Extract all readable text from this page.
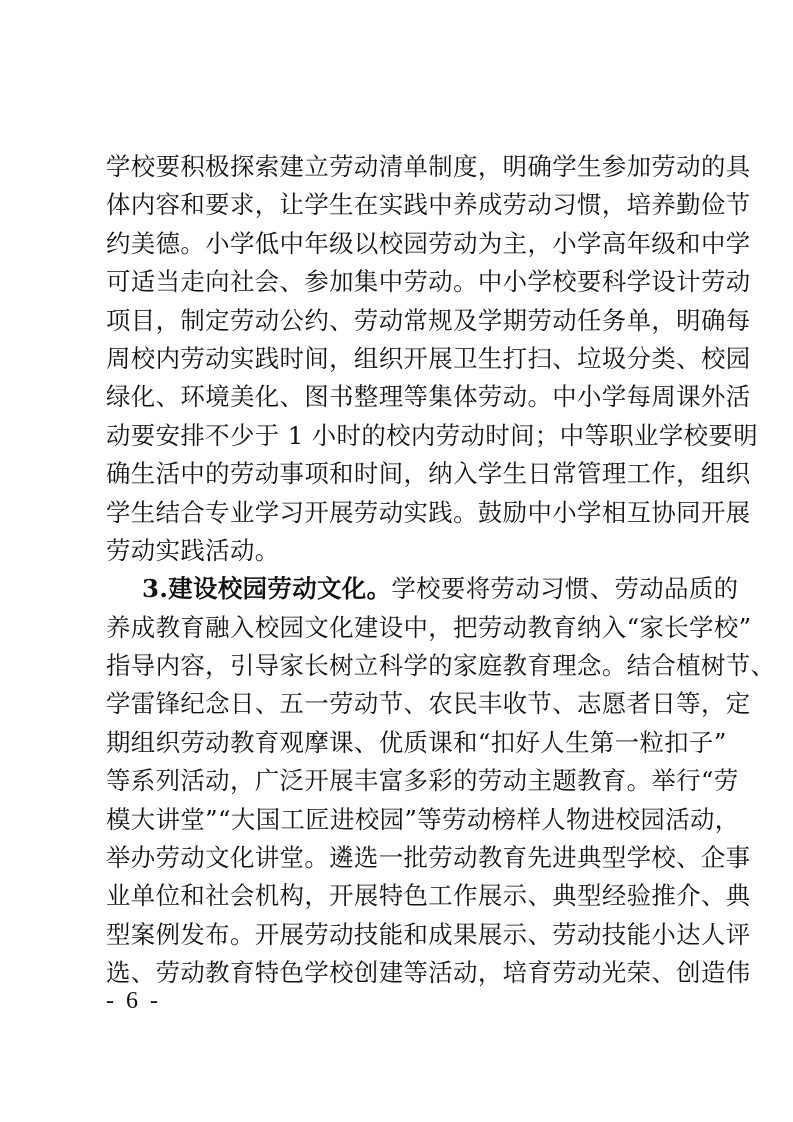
学校要积极探索建立劳动清单制度，明确学生参加劳动的具
体内容和要求，让学生在实践中养成劳动习惯，培养勤俭节
约美德。小学低中年级以校园劳动为主，小学高年级和中学
可适当走向社会、参加集中劳动。中小学校要科学设计劳动
项目，制定劳动公约、劳动常规及学期劳动任务单，明确每
周校内劳动实践时间，组织开展卫生打扫、垃圾分类、校园
绿化、环境美化、图书整理等集体劳动。中小学每周课外活
动要安排不少于 1 小时的校内劳动时间；中等职业学校要明
确生活中的劳动事项和时间，纳入学生日常管理工作，组织
学生结合专业学习开展劳动实践。鼓励中小学相互协同开展
劳动实践活动。
3.建设校园劳动文化。学校要将劳动习惯、劳动品质的
养成教育融入校园文化建设中，把劳动教育纳入“家长学校”
指导内容，引导家长树立科学的家庭教育理念。结合植树节、
学雷锋纪念日、五一劳动节、农民丰收节、志愿者日等，定
期组织劳动教育观摩课、优质课和“扣好人生第一粒扣子”
等系列活动，广泛开展丰富多彩的劳动主题教育。举行“劳
模大讲堂”“大国工匠进校园”等劳动榜样人物进校园活动，
举办劳动文化讲堂。遴选一批劳动教育先进典型学校、企事
业单位和社会机构，开展特色工作展示、典型经验推介、典
型案例发布。开展劳动技能和成果展示、劳动技能小达人评
选、劳动教育特色学校创建等活动，培育劳动光荣、创造伟
- 6 -
